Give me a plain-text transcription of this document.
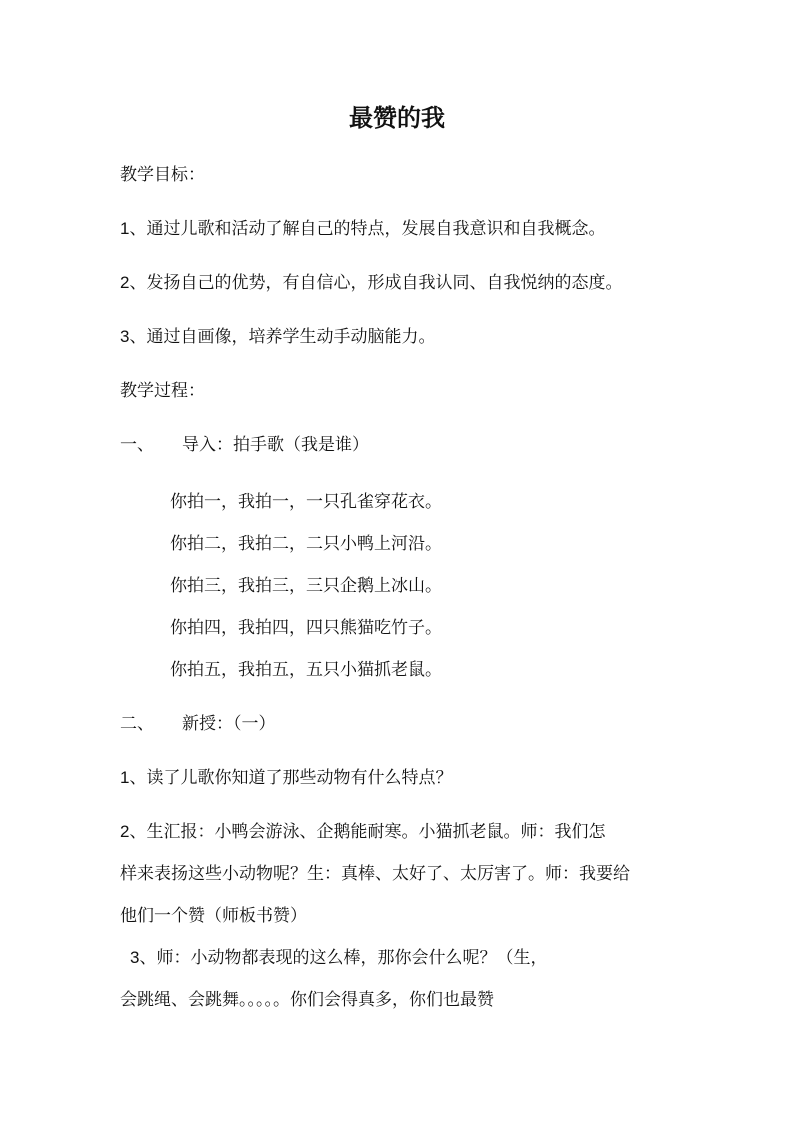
最赞的我
教学目标：
1、通过儿歌和活动了解自己的特点，发展自我意识和自我概念。
2、发扬自己的优势，有自信心，形成自我认同、自我悦纳的态度。
3、通过自画像，培养学生动手动脑能力。
教学过程：
一、 导入：拍手歌（我是谁）
你拍一，我拍一，一只孔雀穿花衣。
你拍二，我拍二，二只小鸭上河沿。
你拍三，我拍三，三只企鹅上冰山。
你拍四，我拍四，四只熊猫吃竹子。
你拍五，我拍五，五只小猫抓老鼠。
二、 新授：（一）
1、读了儿歌你知道了那些动物有什么特点？
2、生汇报：小鸭会游泳、企鹅能耐寒。小猫抓老鼠。师：我们怎
样来表扬这些小动物呢？生：真棒、太好了、太厉害了。师：我要给
他们一个赞（师板书赞）
3、师：小动物都表现的这么棒，那你会什么呢？（生，
会跳绳、会跳舞。。。。。你们会得真多，你们也最赞
